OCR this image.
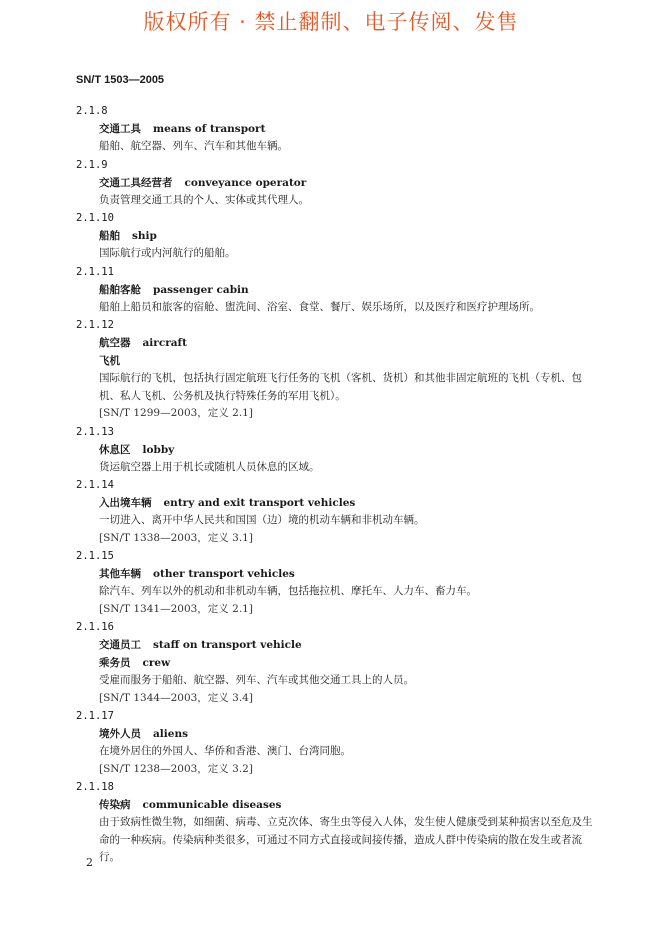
版权所有 · 禁止翻制、电子传阅、发售
SN/T 1503—2005
2.1.8
交通工具 means of transport
船舶、航空器、列车、汽车和其他车辆。
2.1.9
交通工具经营者 conveyance operator
负责管理交通工具的个人、实体或其代理人。
2.1.10
船舶 ship
国际航行或内河航行的船舶。
2.1.11
船舶客舱 passenger cabin
船舶上船员和旅客的宿舱、盥洗间、浴室、食堂、餐厅、娱乐场所，以及医疗和医疗护理场所。
2.1.12
航空器 aircraft
飞机
国际航行的飞机，包括执行固定航班飞行任务的飞机（客机、货机）和其他非固定航班的飞机（专机、包机、私人飞机、公务机及执行特殊任务的军用飞机）。
[SN/T 1299—2003，定义 2.1]
2.1.13
休息区 lobby
货运航空器上用于机长或随机人员休息的区域。
2.1.14
入出境车辆 entry and exit transport vehicles
一切进入、离开中华人民共和国国（边）境的机动车辆和非机动车辆。
[SN/T 1338—2003，定义 3.1]
2.1.15
其他车辆 other transport vehicles
除汽车、列车以外的机动和非机动车辆，包括拖拉机、摩托车、人力车、畜力车。
[SN/T 1341—2003，定义 2.1]
2.1.16
交通员工 staff on transport vehicle
乘务员 crew
受雇而服务于船舶、航空器、列车、汽车或其他交通工具上的人员。
[SN/T 1344—2003，定义 3.4]
2.1.17
境外人员 aliens
在境外居住的外国人、华侨和香港、澳门、台湾同胞。
[SN/T 1238—2003，定义 3.2]
2.1.18
传染病 communicable diseases
由于致病性微生物，如细菌、病毒、立克次体、寄生虫等侵入人体，发生使人健康受到某种损害以至危及生命的一种疾病。传染病种类很多，可通过不同方式直接或间接传播，造成人群中传染病的散在发生或者流行。
2
